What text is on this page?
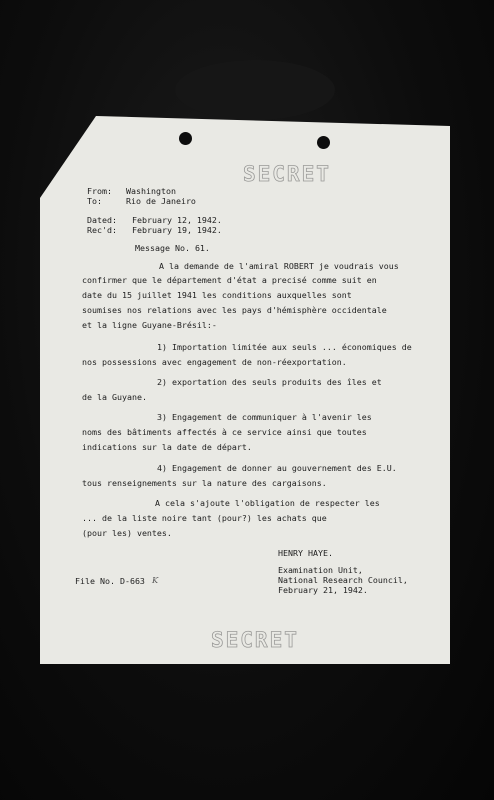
SECRET
SECRET
From: Washington
To:	Rio de Janeiro
Dated: February 12, 1942.
Rec'd: February 19, 1942.
Message No. 61.
A la demande de l'amiral ROBERT je voudrais vous
confirmer que le département d'état a precisé comme suit en
date du 15 juillet 1941 les conditions auxquelles sont
soumises nos relations avec les pays d'hémisphère occidentale
et la ligne Guyane-Brésil:-
1) Importation limitée aux seuls ... économiques de
nos possessions avec engagement de non-réexportation.
2) exportation des seuls produits des îles et
de la Guyane.
3) Engagement de communiquer à l'avenir les
noms des bâtiments affectés à ce service ainsi que toutes
indications sur la date de départ.
4) Engagement de donner au gouvernement des E.U.
tous renseignements sur la nature des cargaisons.
A cela s'ajoute l'obligation de respecter les
... de la liste noire tant (pour?) les achats que
(pour les) ventes.
HENRY HAYE.
File No. D-663 K
Examination Unit,
National Research Council,
February 21, 1942.
